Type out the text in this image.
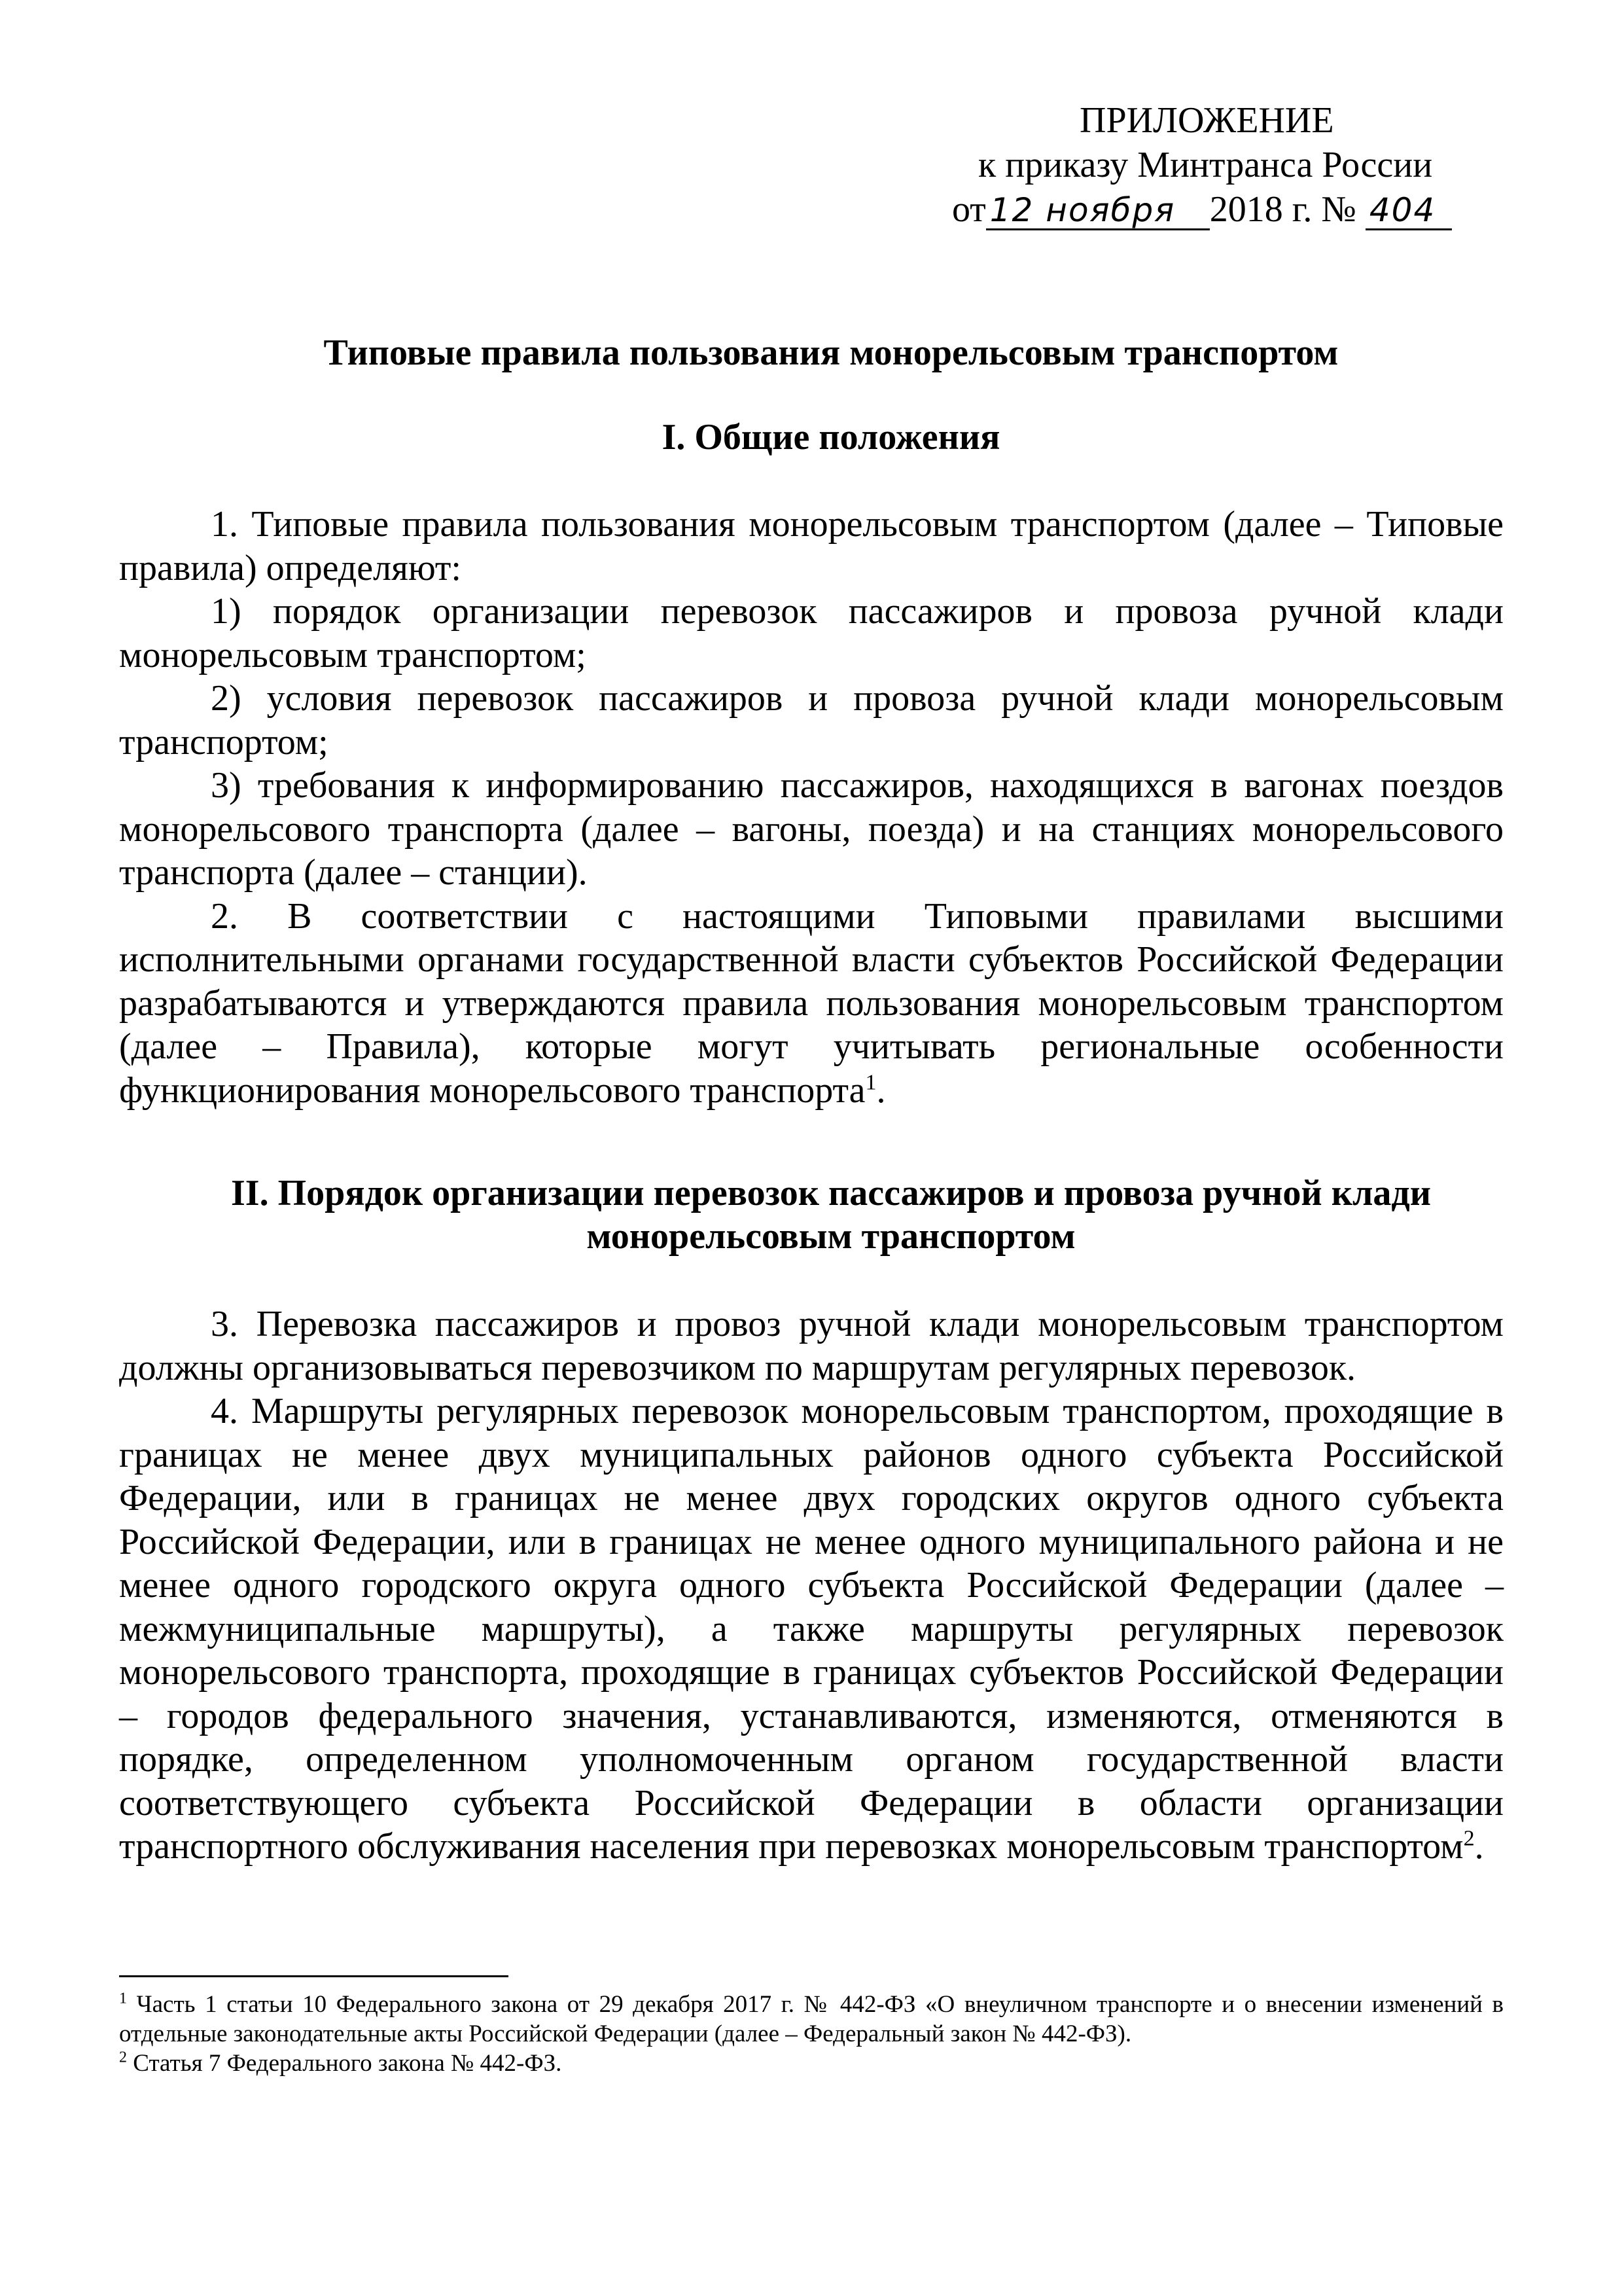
ПРИЛОЖЕНИЕ
к приказу Минтранса России
от 12 ноября 2018 г. № 404
Типовые правила пользования монорельсовым транспортом
I. Общие положения

1. Типовые правила пользования монорельсовым транспортом (далее – Типовые правила) определяют:

1) порядок организации перевозок пассажиров и провоза ручной клади монорельсовым транспортом;

2) условия перевозок пассажиров и провоза ручной клади монорельсовым транспортом;

3) требования к информированию пассажиров, находящихся в вагонах поездов монорельсового транспорта (далее – вагоны, поезда) и на станциях монорельсового транспорта (далее – станции).

2. В соответствии с настоящими Типовыми правилами высшими исполнительными органами государственной власти субъектов Российской Федерации разрабатываются и утверждаются правила пользования монорельсовым транспортом (далее – Правила), которые могут учитывать региональные особенности функционирования монорельсового транспорта$^1$.

II. Порядок организации перевозок пассажиров и провоза ручной клади
монорельсовым транспортом

3. Перевозка пассажиров и провоз ручной клади монорельсовым транспортом должны организовываться перевозчиком по маршрутам регулярных перевозок.

4. Маршруты регулярных перевозок монорельсовым транспортом, проходящие в границах не менее двух муниципальных районов одного субъекта Российской Федерации, или в границах не менее двух городских округов одного субъекта Российской Федерации, или в границах не менее одного муниципального района и не менее одного городского округа одного субъекта Российской Федерации (далее – межмуниципальные маршруты), а также маршруты регулярных перевозок монорельсового транспорта, проходящие в границах субъектов Российской Федерации – городов федерального значения, устанавливаются, изменяются, отменяются в порядке, определенном уполномоченным органом государственной власти соответствующего субъекта Российской Федерации в области организации транспортного обслуживания населения при перевозках монорельсовым транспортом$^2$.

$^1$ Часть 1 статьи 10 Федерального закона от 29 декабря 2017 г. № 442-ФЗ «О внеуличном транспорте и о внесении изменений в отдельные законодательные акты Российской Федерации (далее – Федеральный закон № 442-ФЗ).

$^2$ Статья 7 Федерального закона № 442-ФЗ.
